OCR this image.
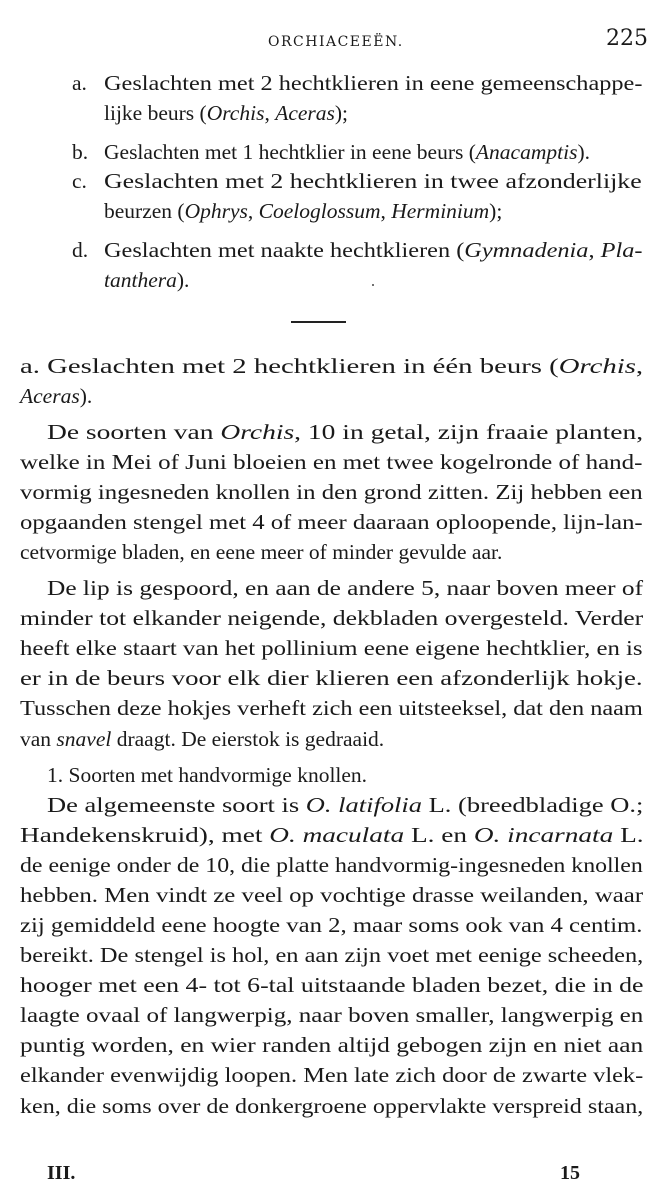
ORCHIACEEËN.	225
a. Geslachten met 2 hechtklieren in eene gemeenschappe-
lijke beurs (Orchis, Aceras);
b. Geslachten met 1 hechtklier in eene beurs (Anacamptis).
c. Geslachten met 2 hechtklieren in twee afzonderlijke
beurzen (Ophrys, Coeloglossum, Herminium);
d. Geslachten met naakte hechtklieren (Gymnadenia, Pla-
tanthera).
a. Geslachten met 2 hechtklieren in één beurs (Orchis,
Aceras).
De soorten van Orchis, 10 in getal, zijn fraaie planten,
welke in Mei of Juni bloeien en met twee kogelronde of hand-
vormig ingesneden knollen in den grond zitten. Zij hebben een
opgaanden stengel met 4 of meer daaraan oploopende, lijn-lan-
cetvormige bladen, en eene meer of minder gevulde aar.
De lip is gespoord, en aan de andere 5, naar boven meer of
minder tot elkander neigende, dekbladen overgesteld. Verder
heeft elke staart van het pollinium eene eigene hechtklier, en is
er in de beurs voor elk dier klieren een afzonderlijk hokje.
Tusschen deze hokjes verheft zich een uitsteeksel, dat den naam
van snavel draagt. De eierstok is gedraaid.
1. Soorten met handvormige knollen.
De algemeenste soort is O. latifolia L. (breedbladige O.;
Handekenskruid), met O. maculata L. en O. incarnata L.
de eenige onder de 10, die platte handvormig-ingesneden knollen
hebben. Men vindt ze veel op vochtige drasse weilanden, waar
zij gemiddeld eene hoogte van 2, maar soms ook van 4 centim.
bereikt. De stengel is hol, en aan zijn voet met eenige scheeden,
hooger met een 4- tot 6-tal uitstaande bladen bezet, die in de
laagte ovaal of langwerpig, naar boven smaller, langwerpig en
puntig worden, en wier randen altijd gebogen zijn en niet aan
elkander evenwijdig loopen. Men late zich door de zwarte vlek-
ken, die soms over de donkergroene oppervlakte verspreid staan,
III.	15
